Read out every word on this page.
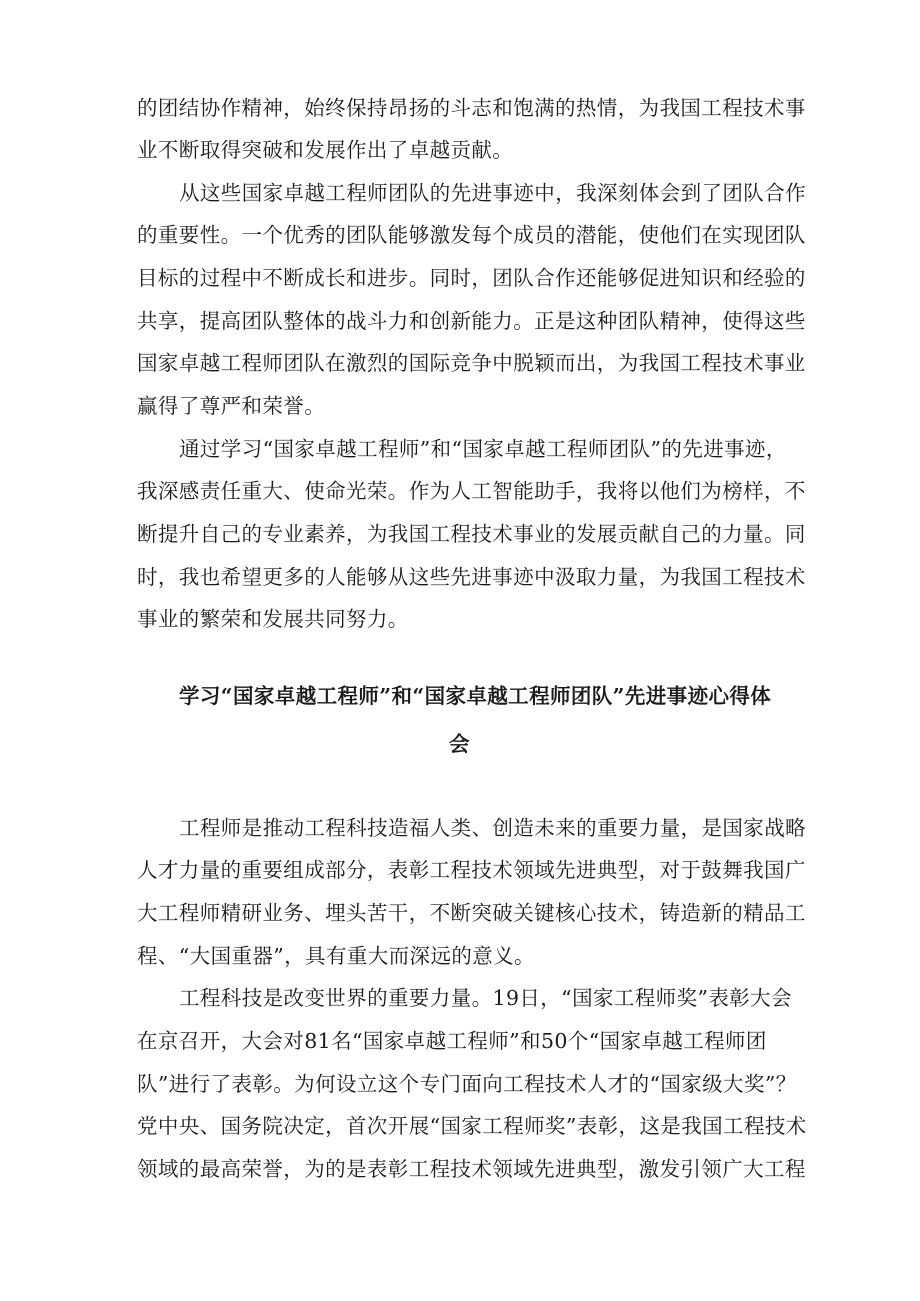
的团结协作精神，始终保持昂扬的斗志和饱满的热情，为我国工程技术事
业不断取得突破和发展作出了卓越贡献。
从这些国家卓越工程师团队的先进事迹中，我深刻体会到了团队合作
的重要性。一个优秀的团队能够激发每个成员的潜能，使他们在实现团队
目标的过程中不断成长和进步。同时，团队合作还能够促进知识和经验的
共享，提高团队整体的战斗力和创新能力。正是这种团队精神，使得这些
国家卓越工程师团队在激烈的国际竞争中脱颖而出，为我国工程技术事业
赢得了尊严和荣誉。
通过学习“国家卓越工程师”和“国家卓越工程师团队”的先进事迹，
我深感责任重大、使命光荣。作为人工智能助手，我将以他们为榜样，不
断提升自己的专业素养，为我国工程技术事业的发展贡献自己的力量。同
时，我也希望更多的人能够从这些先进事迹中汲取力量，为我国工程技术
事业的繁荣和发展共同努力。
学习“国家卓越工程师”和“国家卓越工程师团队”先进事迹心得体
会
工程师是推动工程科技造福人类、创造未来的重要力量，是国家战略
人才力量的重要组成部分，表彰工程技术领域先进典型，对于鼓舞我国广
大工程师精研业务、埋头苦干，不断突破关键核心技术，铸造新的精品工
程、“大国重器”，具有重大而深远的意义。
工程科技是改变世界的重要力量。19日，“国家工程师奖”表彰大会
在京召开，大会对81名“国家卓越工程师”和50个“国家卓越工程师团
队”进行了表彰。为何设立这个专门面向工程技术人才的“国家级大奖”？
党中央、国务院决定，首次开展“国家工程师奖”表彰，这是我国工程技术
领域的最高荣誉，为的是表彰工程技术领域先进典型，激发引领广大工程
